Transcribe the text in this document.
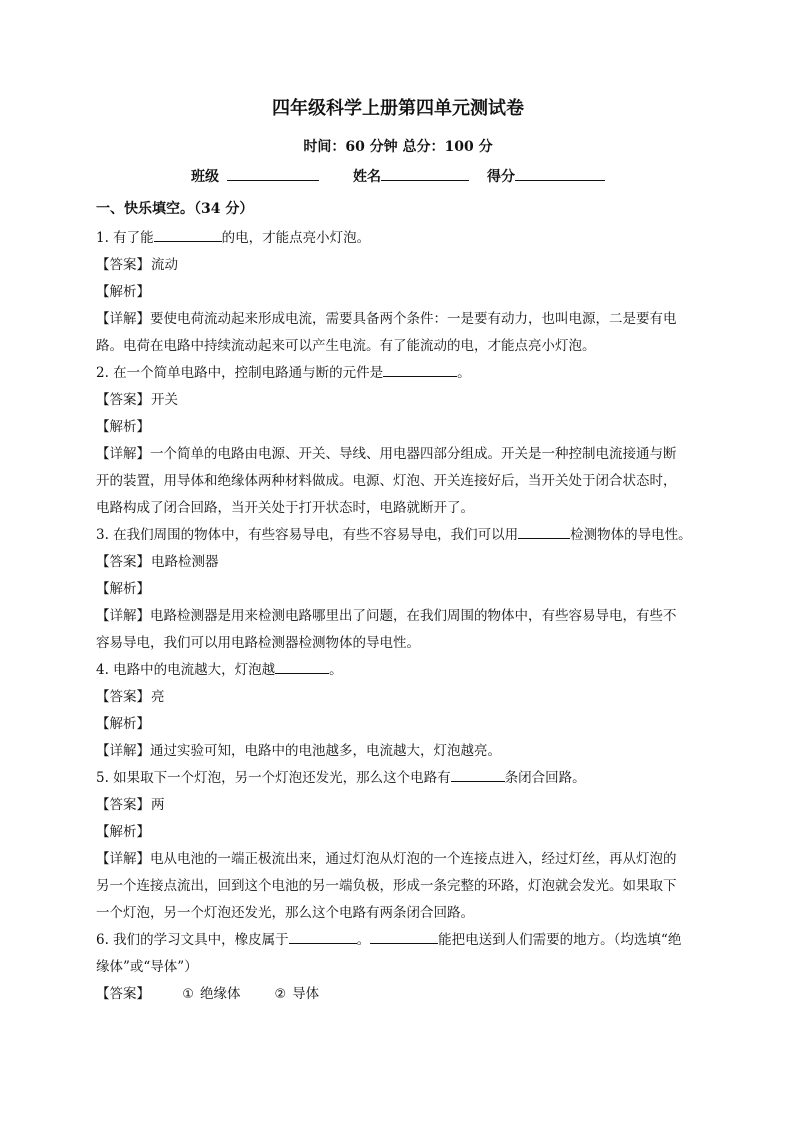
四年级科学上册第四单元测试卷
时间：60 分钟 总分：100 分
班级	姓名	得分
一、快乐填空。（34 分）
1. 有了能	的电，才能点亮小灯泡。
【答案】流动
【解析】
【详解】要使电荷流动起来形成电流，需要具备两个条件：一是要有动力，也叫电源，二是要有电
路。电荷在电路中持续流动起来可以产生电流。有了能流动的电，才能点亮小灯泡。
2. 在一个简单电路中，控制电路通与断的元件是	。
【答案】开关
【解析】
【详解】一个简单的电路由电源、开关、导线、用电器四部分组成。开关是一种控制电流接通与断
开的装置，用导体和绝缘体两种材料做成。电源、灯泡、开关连接好后，当开关处于闭合状态时，
电路构成了闭合回路，当开关处于打开状态时，电路就断开了。
3. 在我们周围的物体中，有些容易导电，有些不容易导电，我们可以用	检测物体的导电性。
【答案】电路检测器
【解析】
【详解】电路检测器是用来检测电路哪里出了问题，在我们周围的物体中，有些容易导电，有些不
容易导电，我们可以用电路检测器检测物体的导电性。
4. 电路中的电流越大，灯泡越	。
【答案】亮
【解析】
【详解】通过实验可知，电路中的电池越多，电流越大，灯泡越亮。
5. 如果取下一个灯泡，另一个灯泡还发光，那么这个电路有	条闭合回路。
【答案】两
【解析】
【详解】电从电池的一端正极流出来，通过灯泡从灯泡的一个连接点进入，经过灯丝，再从灯泡的
另一个连接点流出，回到这个电池的另一端负极，形成一条完整的环路，灯泡就会发光。如果取下
一个灯泡，另一个灯泡还发光，那么这个电路有两条闭合回路。
6. 我们的学习文具中，橡皮属于	。	能把电送到人们需要的地方。（均选填“绝
缘体”或“导体”）
【答案】 ① 绝缘体	② 导体
